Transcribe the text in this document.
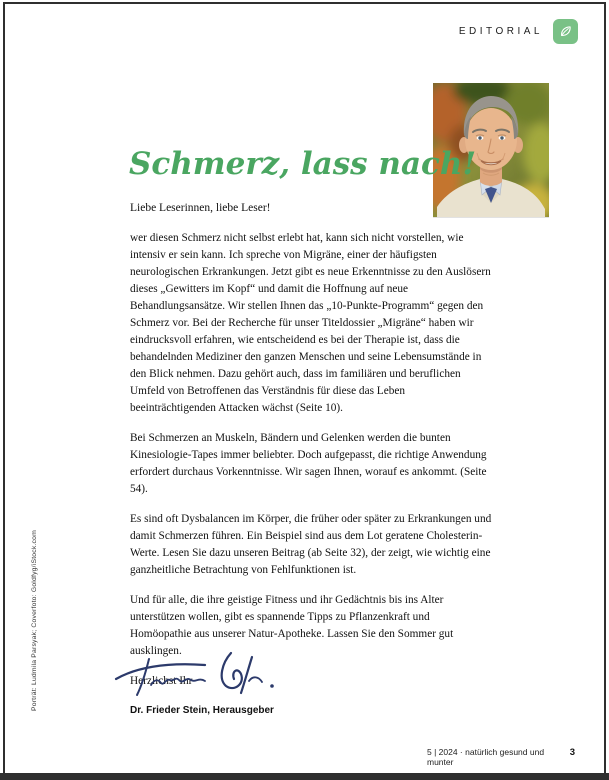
EDITORIAL
Schmerz, lass nach!
Liebe Leserinnen, liebe Leser!

wer diesen Schmerz nicht selbst erlebt hat, kann sich nicht vorstellen, wie intensiv er sein kann. Ich spreche von Migräne, einer der häufigsten neurologischen Erkrankungen. Jetzt gibt es neue Erkenntnisse zu den Auslösern dieses „Gewitters im Kopf“ und damit die Hoffnung auf neue Behandlungsansätze. Wir stellen Ihnen das „10-Punkte-Programm“ gegen den Schmerz vor. Bei der Recherche für unser Titeldossier „Migräne“ haben wir eindrucksvoll erfahren, wie entscheidend es bei der Therapie ist, dass die behandelnden Mediziner den ganzen Menschen und seine Lebensumstände in den Blick nehmen. Dazu gehört auch, dass im familiären und beruflichen Umfeld von Betroffenen das Verständnis für diese das Leben beeinträchtigenden Attacken wächst (Seite 10).

Bei Schmerzen an Muskeln, Bändern und Gelenken werden die bunten Kinesiologie-Tapes immer beliebter. Doch aufgepasst, die richtige Anwendung erfordert durchaus Vorkenntnisse. Wir sagen Ihnen, worauf es ankommt. (Seite 54).

Es sind oft Dysbalancen im Körper, die früher oder später zu Erkrankungen und damit Schmerzen führen. Ein Beispiel sind aus dem Lot geratene Cholesterin-Werte. Lesen Sie dazu unseren Beitrag (ab Seite 32), der zeigt, wie wichtig eine ganzheitliche Betrachtung von Fehlfunktionen ist.

Und für alle, die ihre geistige Fitness und ihr Gedächtnis bis ins Alter unterstützen wollen, gibt es spannende Tipps zu Pflanzenkraft und Homöopathie aus unserer Natur-Apotheke. Lassen Sie den Sommer gut ausklingen.

Herzlichst Ihr

Dr. Frieder Stein, Herausgeber
Porträt: Ludmila Parsyak; Coverfoto: Goldfyg/iStock.com
5 | 2024 · natürlich gesund und munter
3
